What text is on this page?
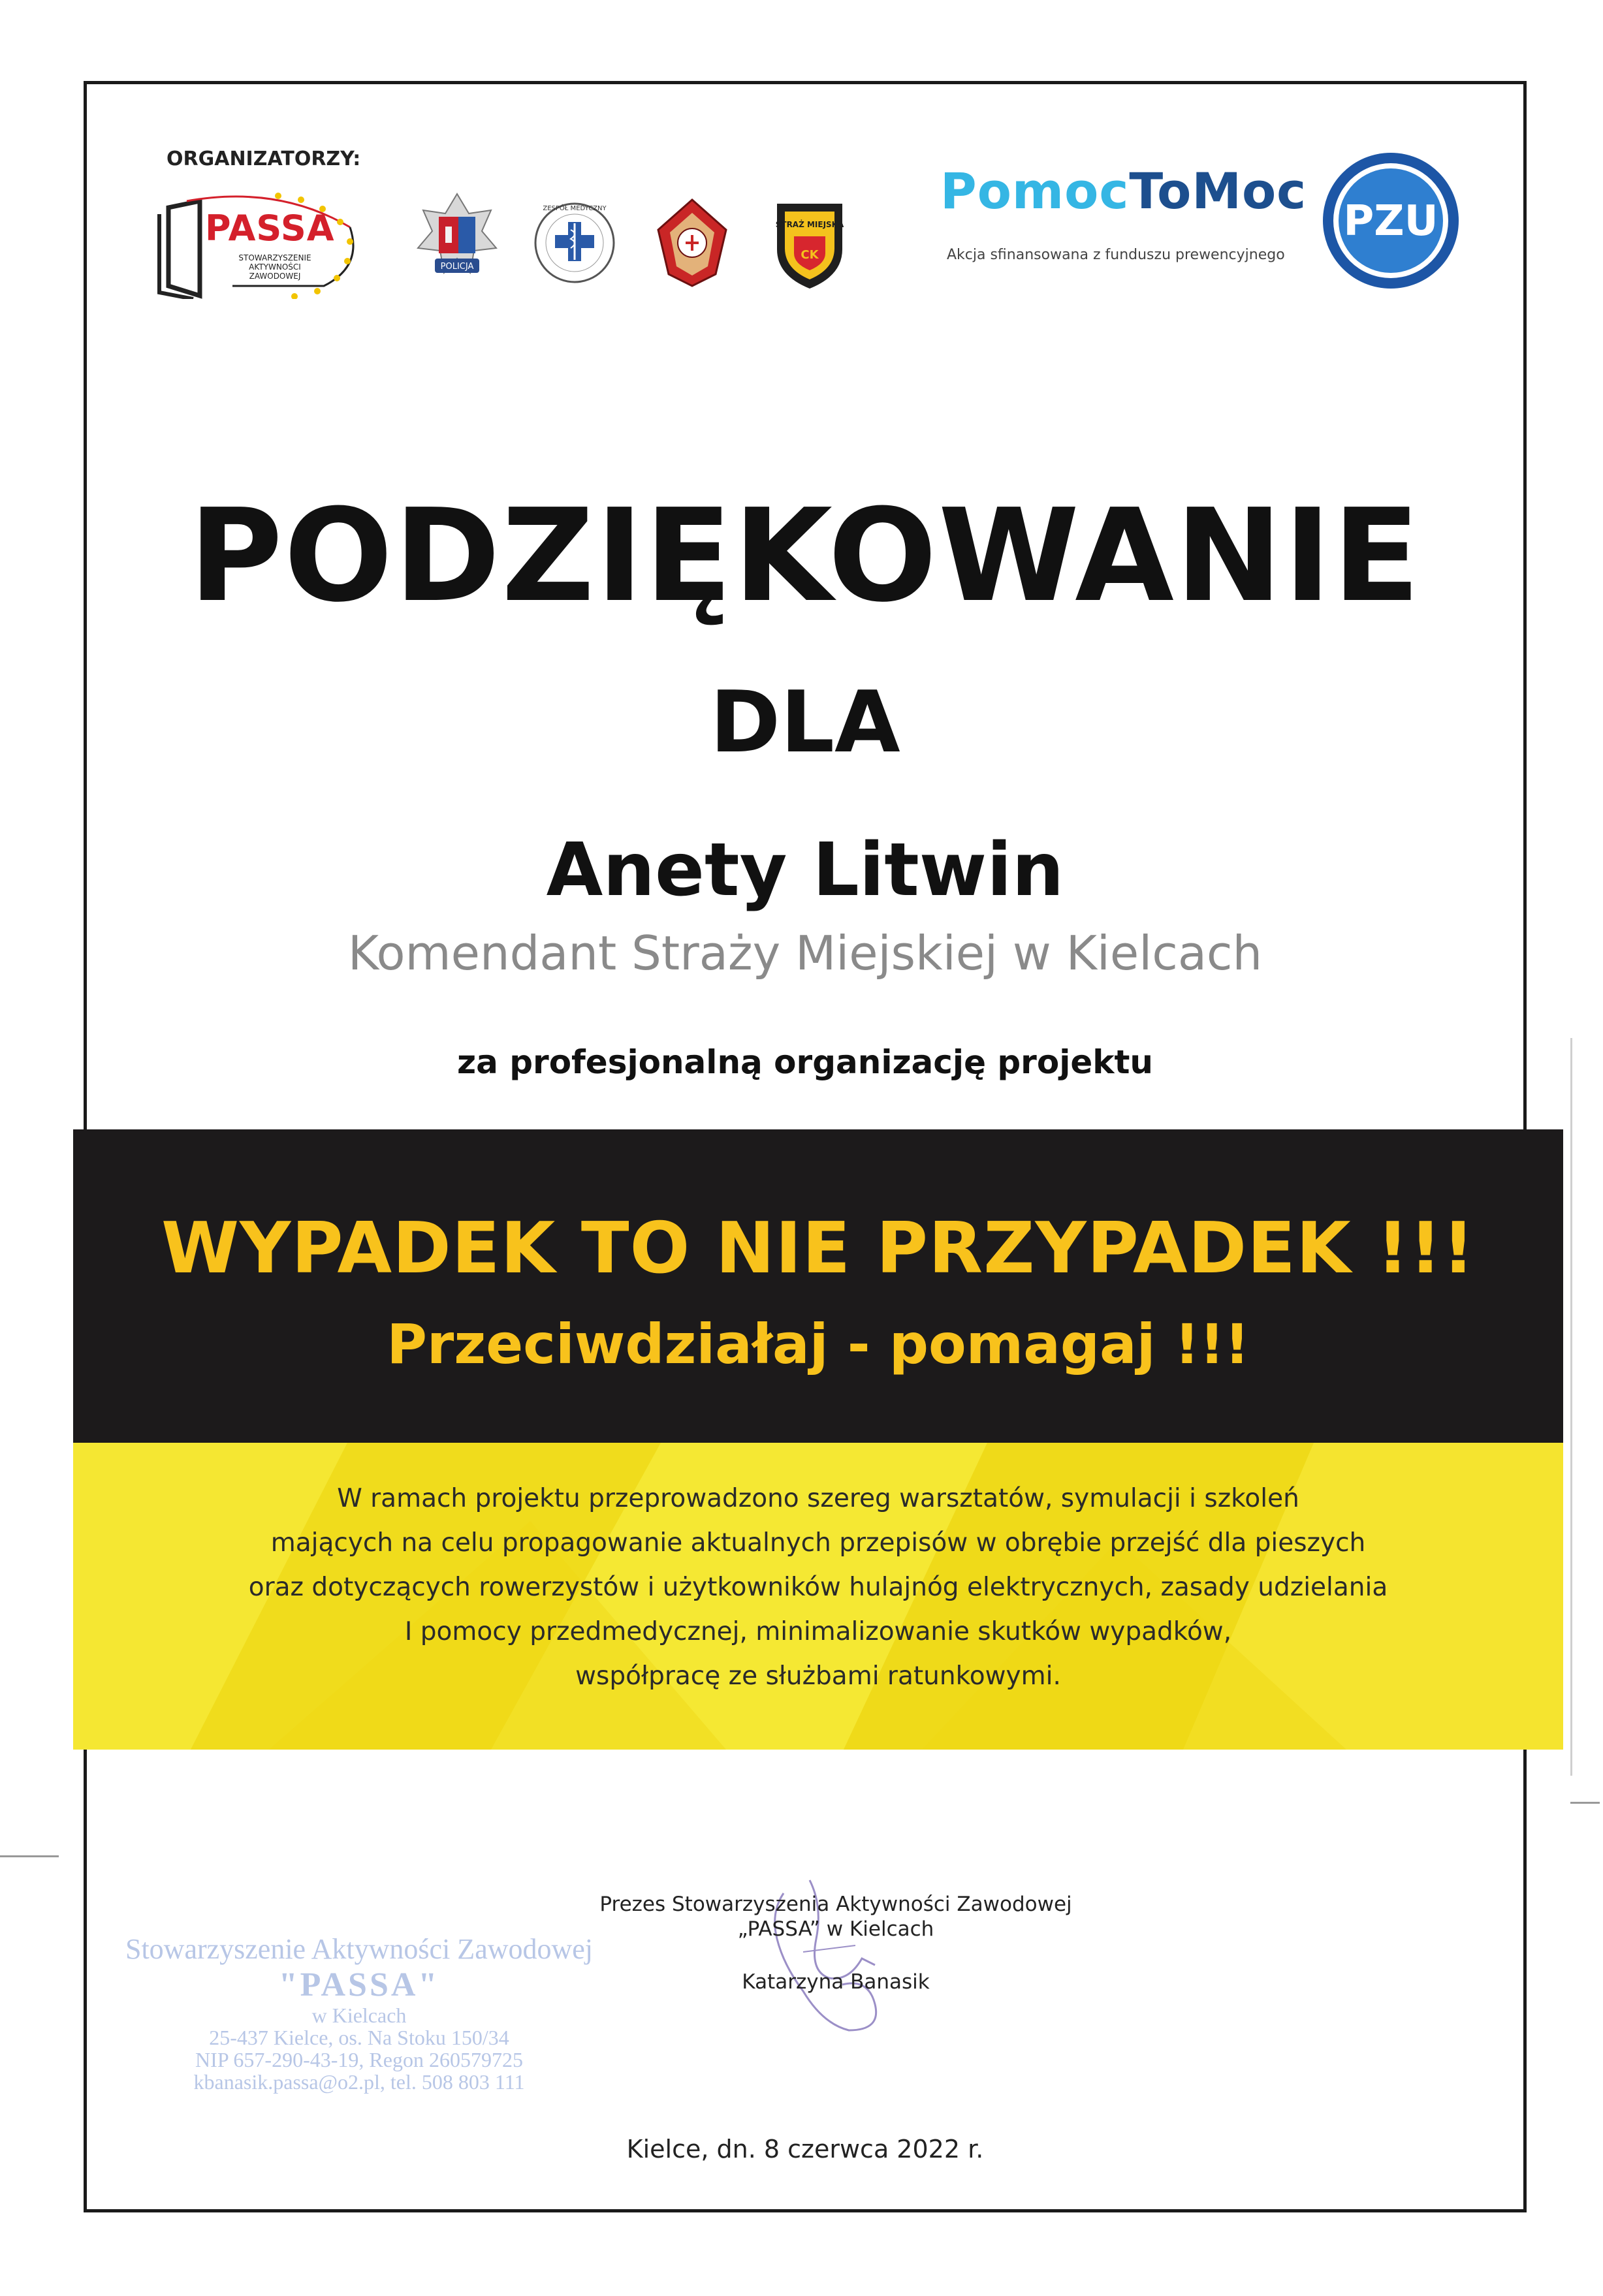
ORGANIZATORZY:
PASSA
STOWARZYSZENIE
AKTYWNOŚCI
ZAWODOWEJ
POLICJA
ZESPÓŁ MEDYCZNY
STRAŻ MIEJSKA
CK
PomocToMoc
Akcja sfinansowana z funduszu prewencyjnego
PZU
PODZIĘKOWANIE
DLA
Anety Litwin
Komendant Straży Miejskiej w Kielcach
za profesjonalną organizację projektu
WYPADEK TO NIE PRZYPADEK !!!
Przeciwdziałaj - pomagaj !!!
W ramach projektu przeprowadzono szereg warsztatów, symulacji i szkoleń
mających na celu propagowanie aktualnych przepisów w obrębie przejść dla pieszych
oraz dotyczących rowerzystów i użytkowników hulajnóg elektrycznych, zasady udzielania
I pomocy przedmedycznej, minimalizowanie skutków wypadków,
współpracę ze służbami ratunkowymi.
Stowarzyszenie Aktywności Zawodowej
"PASSA"
w Kielcach
25-437 Kielce, os. Na Stoku 150/34
NIP 657-290-43-19, Regon 260579725
kbanasik.passa@o2.pl, tel. 508 803 111
Prezes Stowarzyszenia Aktywności Zawodowej
„PASSA” w Kielcach
Katarzyna Banasik
Kielce, dn. 8 czerwca 2022 r.
